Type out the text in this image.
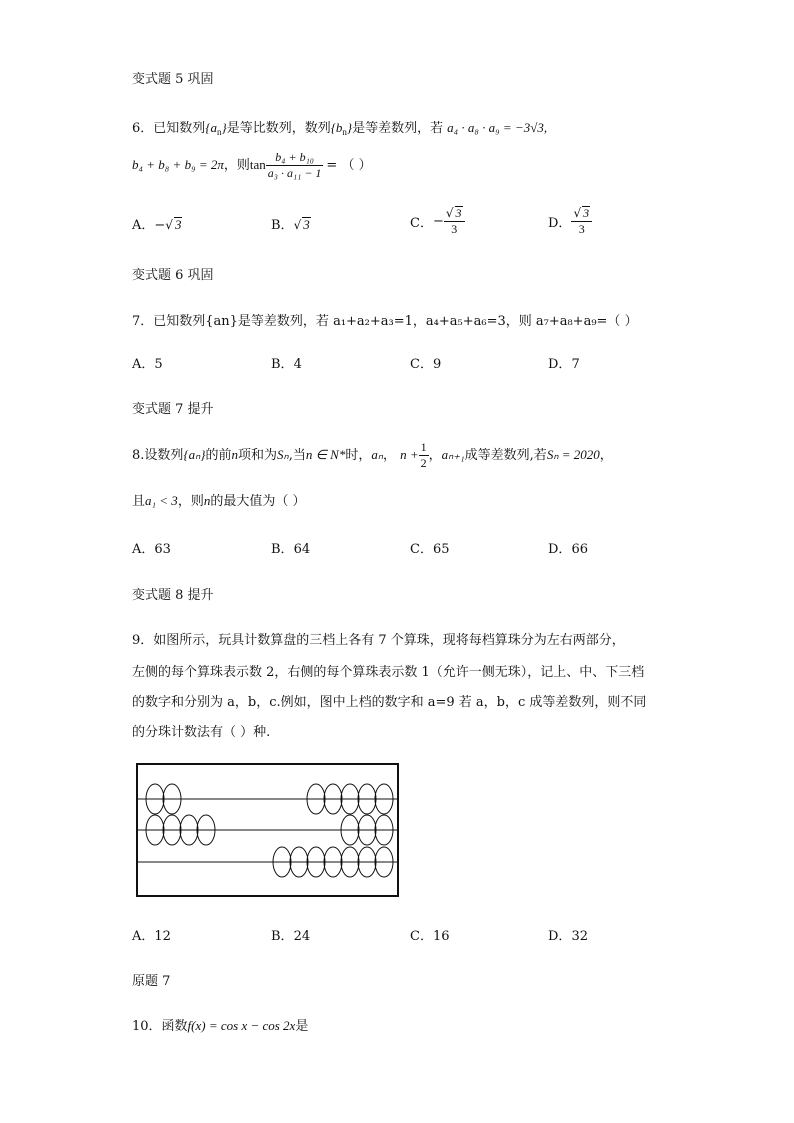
变式题 5 巩固
6．已知数列$\{a_n\}$是等比数列，数列$\{b_n\}$是等差数列，若 a₄ · a₈ · a₉ = −3√3,
b₄ + b₈ + b₉ = 2π，则$\tan \frac{\text{b₄ + b₁₀}}{\text{a₃ · a₁₁ − 1}}$ = （ ）
A．−√ 3	B．√ 3	C．− $\frac{√ 3}{3}$	D． $\frac{√ 3}{3}$
变式题 6 巩固
7．已知数列{an}是等差数列，若 a₁+a₂+a₃=1，a₄+a₅+a₆=3，则 a₇+a₈+a₉=（ ）
A．5	B．4	C．9	D．7
变式题 7 提升
8.设数列{aₙ}的前n项和为Sₙ,当n ∈ N*时，aₙ， $n + \frac{1}{2}$ ，aₙ₊₁成等差数列,若Sₙ = 2020，
且a₁ < 3，则n的最大值为（ ）
A．63	B．64	C．65	D．66
变式题 8 提升
9．如图所示，玩具计数算盘的三档上各有 7 个算珠，现将每档算珠分为左右两部分，
左侧的每个算珠表示数 2，右侧的每个算珠表示数 1（允许一侧无珠），记上、中、下三档
的数字和分别为 a，b，c.例如，图中上档的数字和 a=9 若 a，b，c 成等差数列，则不同
的分珠计数法有（ ）种.
A．12	B．24	C．16	D．32
原题 7
10．函数f(x) = cos x − cos 2x是
